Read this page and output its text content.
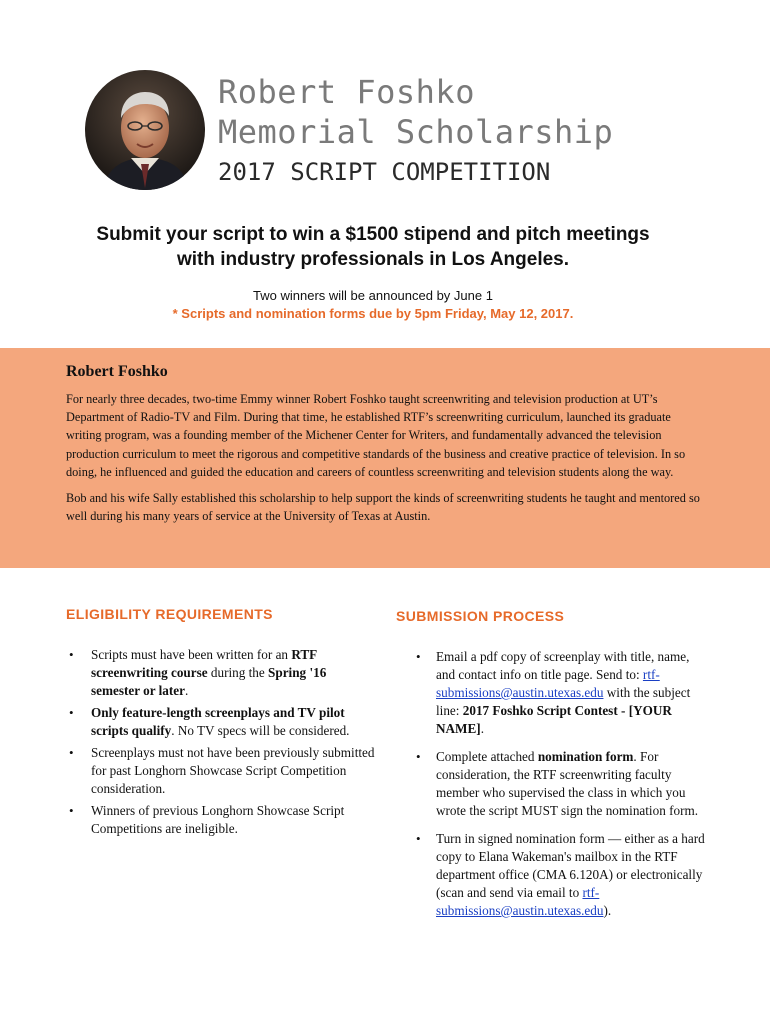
Robert Foshko
Memorial Scholarship
2017 SCRIPT COMPETITION
Submit your script to win a $1500 stipend and pitch meetings
with industry professionals in Los Angeles.
Two winners will be announced by June 1
* Scripts and nomination forms due by 5pm Friday, May 12, 2017.
Robert Foshko

For nearly three decades, two-time Emmy winner Robert Foshko taught screenwriting and television production at UT’s Department of Radio-TV and Film. During that time, he established RTF’s screenwriting curriculum, launched its graduate writing program, was a founding member of the Michener Center for Writers, and fundamentally advanced the television production curriculum to meet the rigorous and competitive standards of the business and creative practice of television. In so doing, he influenced and guided the education and careers of countless screenwriting and television students along the way.

Bob and his wife Sally established this scholarship to help support the kinds of screenwriting students he taught and mentored so well during his many years of service at the University of Texas at Austin.

ELIGIBILITY REQUIREMENTS
• Scripts must have been written for an RTF screenwriting course during the Spring '16 semester or later.
• Only feature-length screenplays and TV pilot scripts qualify. No TV specs will be considered.
• Screenplays must not have been previously submitted for past Longhorn Showcase Script Competition consideration.
• Winners of previous Longhorn Showcase Script Competitions are ineligible.
SUBMISSION PROCESS
• Email a pdf copy of screenplay with title, name, and contact info on title page. Send to: rtf-submissions@austin.utexas.edu with the subject line: 2017 Foshko Script Contest - [YOUR NAME].
• Complete attached nomination form. For consideration, the RTF screenwriting faculty member who supervised the class in which you wrote the script MUST sign the nomination form.
• Turn in signed nomination form — either as a hard copy to Elana Wakeman's mailbox in the RTF department office (CMA 6.120A) or electronically (scan and send via email to rtf-submissions@austin.utexas.edu).
